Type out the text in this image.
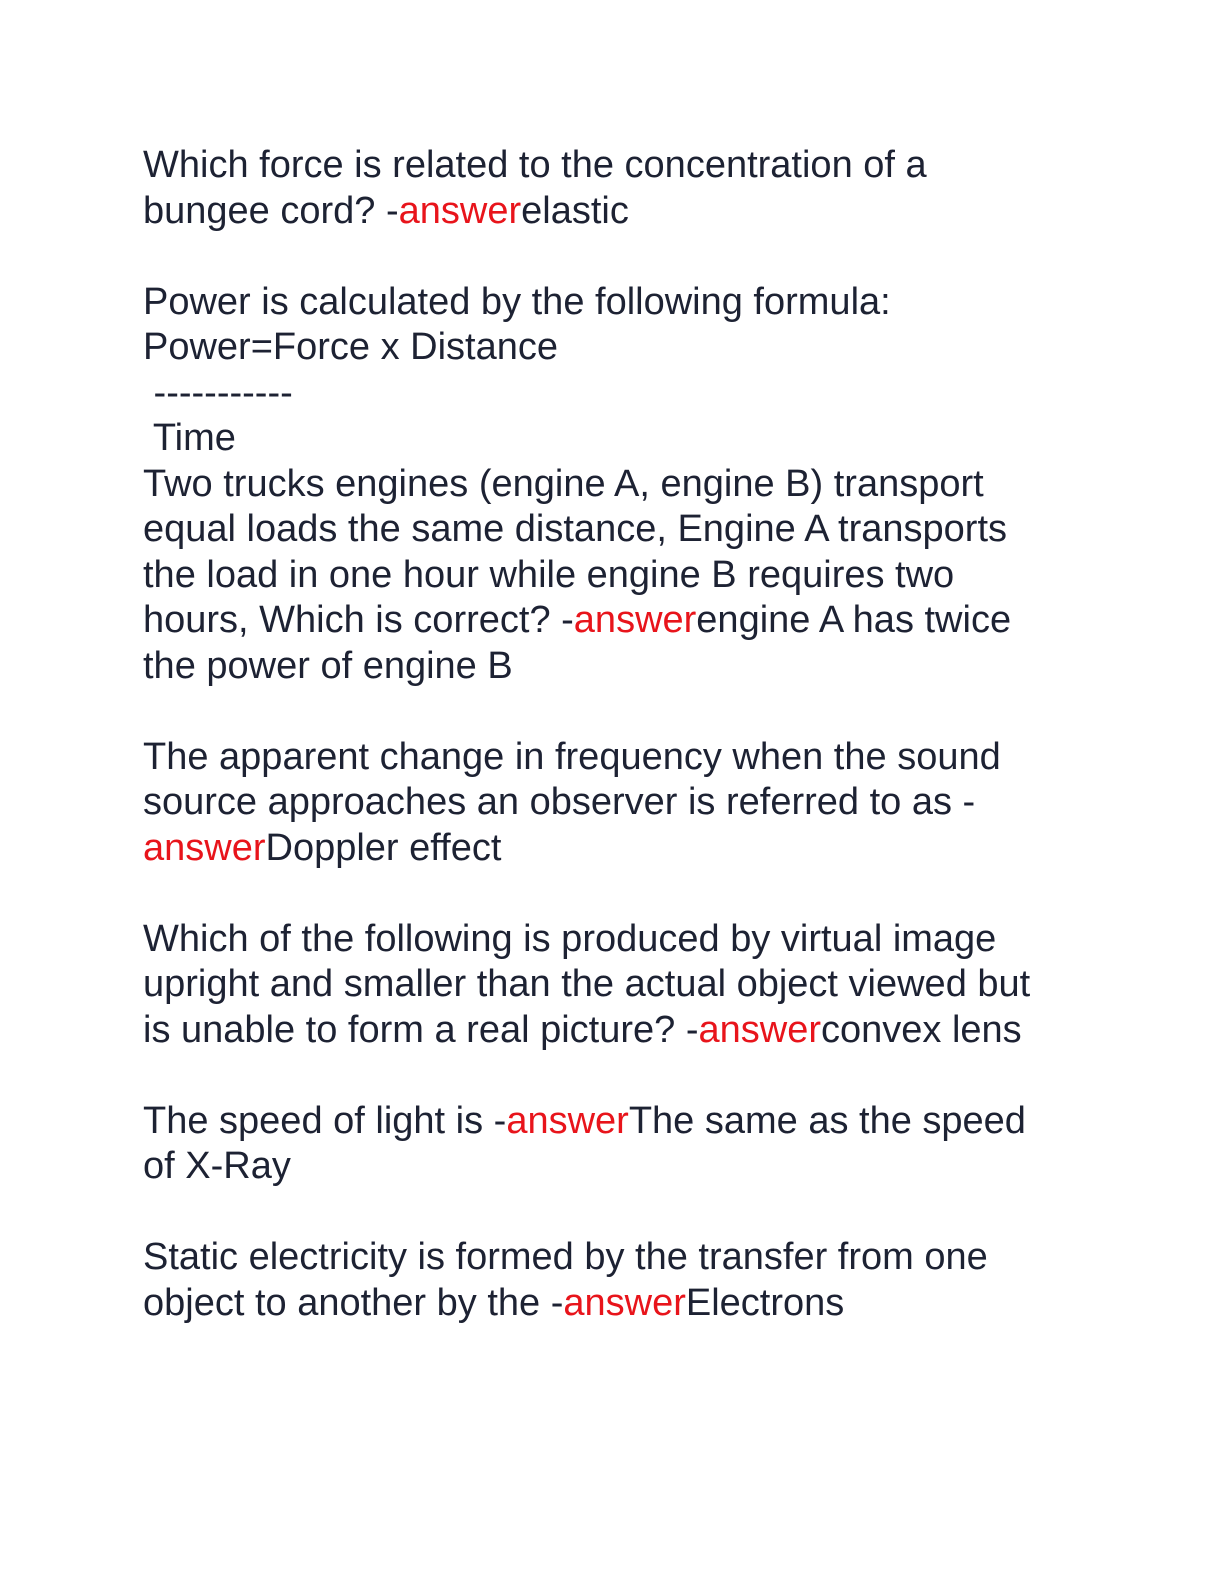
Which force is related to the concentration of a
bungee cord? -answerelastic
Power is calculated by the following formula:
Power=Force x Distance
-----------
Time
Two trucks engines (engine A, engine B) transport
equal loads the same distance, Engine A transports
the load in one hour while engine B requires two
hours, Which is correct? -answerengine A has twice
the power of engine B
The apparent change in frequency when the sound
source approaches an observer is referred to as -
answerDoppler effect
Which of the following is produced by virtual image
upright and smaller than the actual object viewed but
is unable to form a real picture? -answerconvex lens
The speed of light is -answerThe same as the speed
of X-Ray
Static electricity is formed by the transfer from one
object to another by the -answerElectrons
